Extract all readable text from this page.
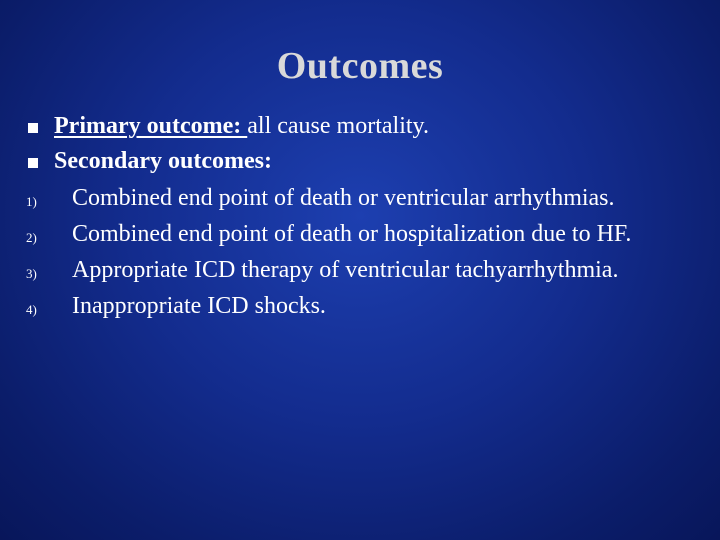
Outcomes
Primary outcome: all cause mortality.
Secondary outcomes:
1)	Combined end point of death or ventricular arrhythmias.
2)	Combined end point of death or hospitalization due to HF.
3)	Appropriate ICD therapy of ventricular tachyarrhythmia.
4)	Inappropriate ICD shocks.
